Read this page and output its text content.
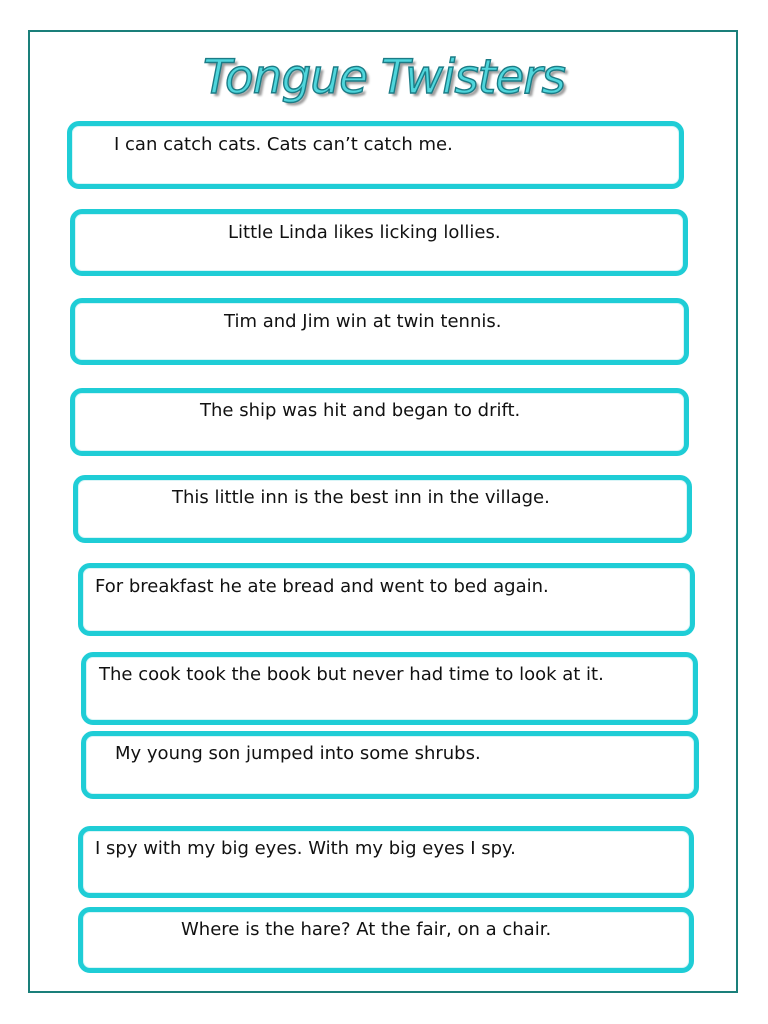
Tongue Twisters
I can catch cats. Cats can’t catch me.
Little Linda likes licking lollies.
Tim and Jim win at twin tennis.
The ship was hit and began to drift.
This little inn is the best inn in the village.
For breakfast he ate bread and went to bed again.
The cook took the book but never had time to look at it.
My young son jumped into some shrubs.
I spy with my big eyes. With my big eyes I spy.
Where is the hare? At the fair, on a chair.
